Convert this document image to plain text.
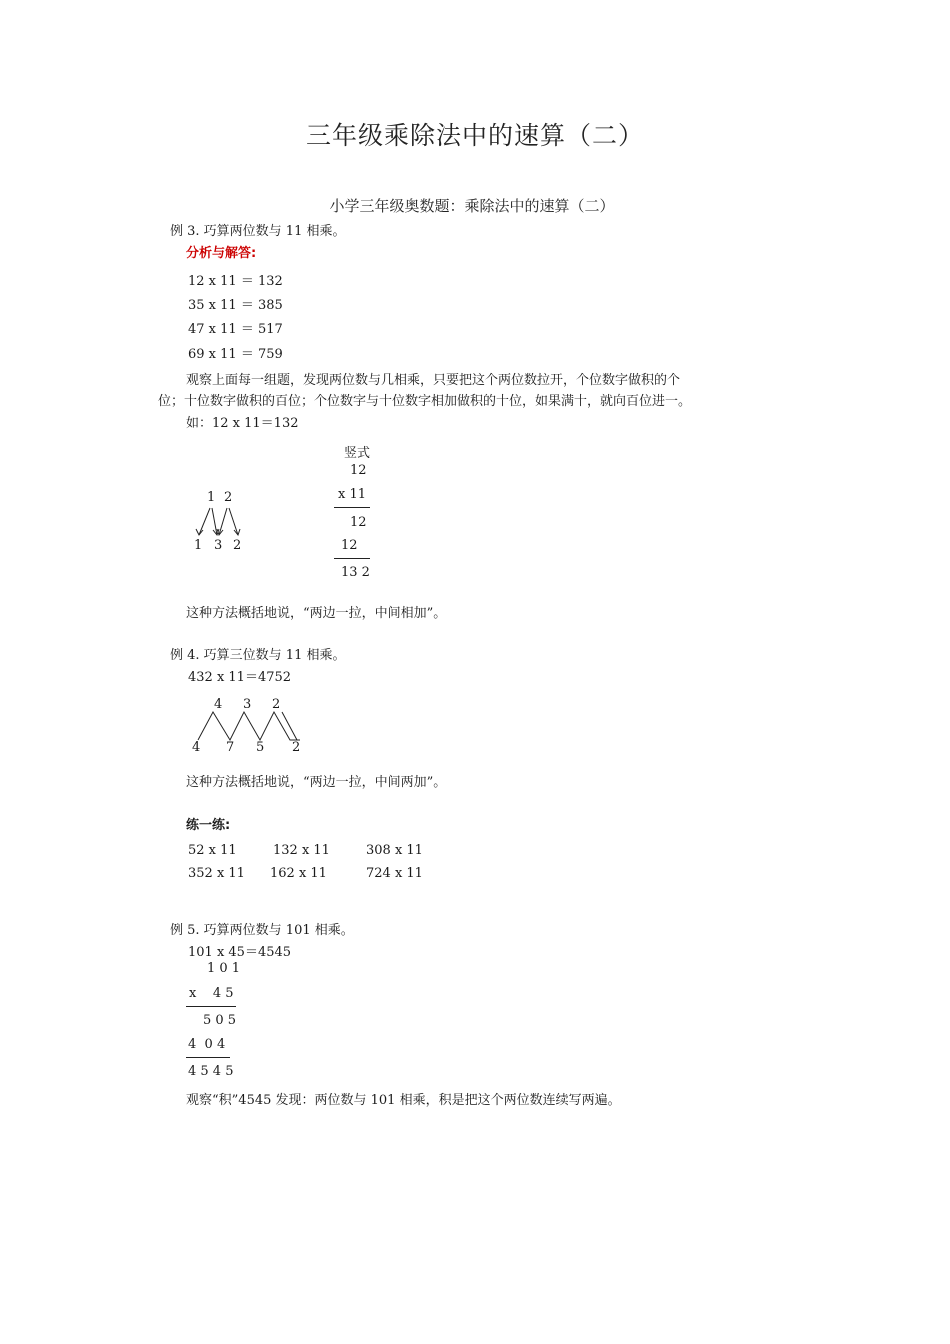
三年级乘除法中的速算（二）
小学三年级奥数题：乘除法中的速算（二）
例 3. 巧算两位数与 11 相乘。
分析与解答:
12 x 11 ＝ 132
35 x 11 ＝ 385
47 x 11 ＝ 517
69 x 11 ＝ 759
观察上面每一组题，发现两位数与几相乘，只要把这个两位数拉开，个位数字做积的个
位；十位数字做积的百位；个位数字与十位数字相加做积的十位，如果满十，就向百位进一。
如：12 x 11＝132
竖式
12
x 11
12
12
13 2
1 2
1 3 2
这种方法概括地说，“两边一拉，中间相加”。
例 4. 巧算三位数与 11 相乘。
432 x 11＝4752
4 3 2
4 7 5 2
这种方法概括地说，“两边一拉，中间两加”。
练一练:
52 x 11	132 x 11	308 x 11
352 x 11 162 x 11	724 x 11
例 5. 巧算两位数与 101 相乘。
101 x 45＝4545
1 0 1
x    4 5
5 0 5
4  0 4
4 5 4 5
观察“积”4545 发现：两位数与 101 相乘，积是把这个两位数连续写两遍。
